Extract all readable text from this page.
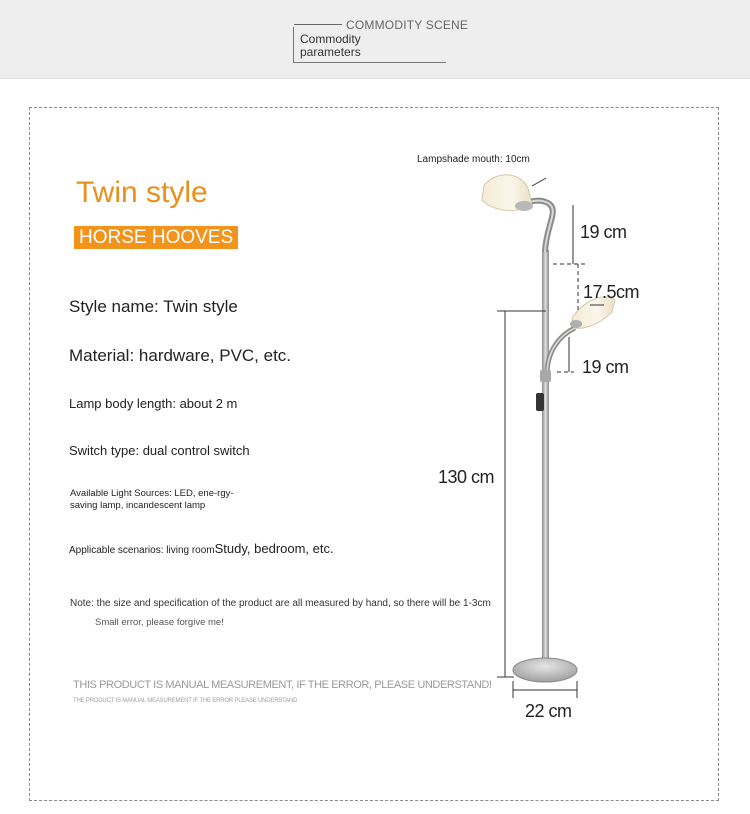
COMMODITY SCENE
Commodity parameters
Twin style
HORSE HOOVES
Style name: Twin style
Material: hardware, PVC, etc.
Lamp body length: about 2 m
Switch type: dual control switch
Available Light Sources: LED, ene-rgy-saving lamp, incandescent lamp
Applicable scenarios: living roomStudy, bedroom, etc.
Note: the size and specification of the product are all measured by hand, so there will be 1-3cm
Small error, please forgive me!
THIS PRODUCT IS MANUAL MEASUREMENT, IF THE ERROR, PLEASE UNDERSTAND!
THE PRODUCT IS MANUAL MEASUREMENT IF THE ERROR PLEASE UNDERSTAND
Lampshade mouth: 10cm
19 cm
17.5cm
19 cm
130 cm
22 cm
